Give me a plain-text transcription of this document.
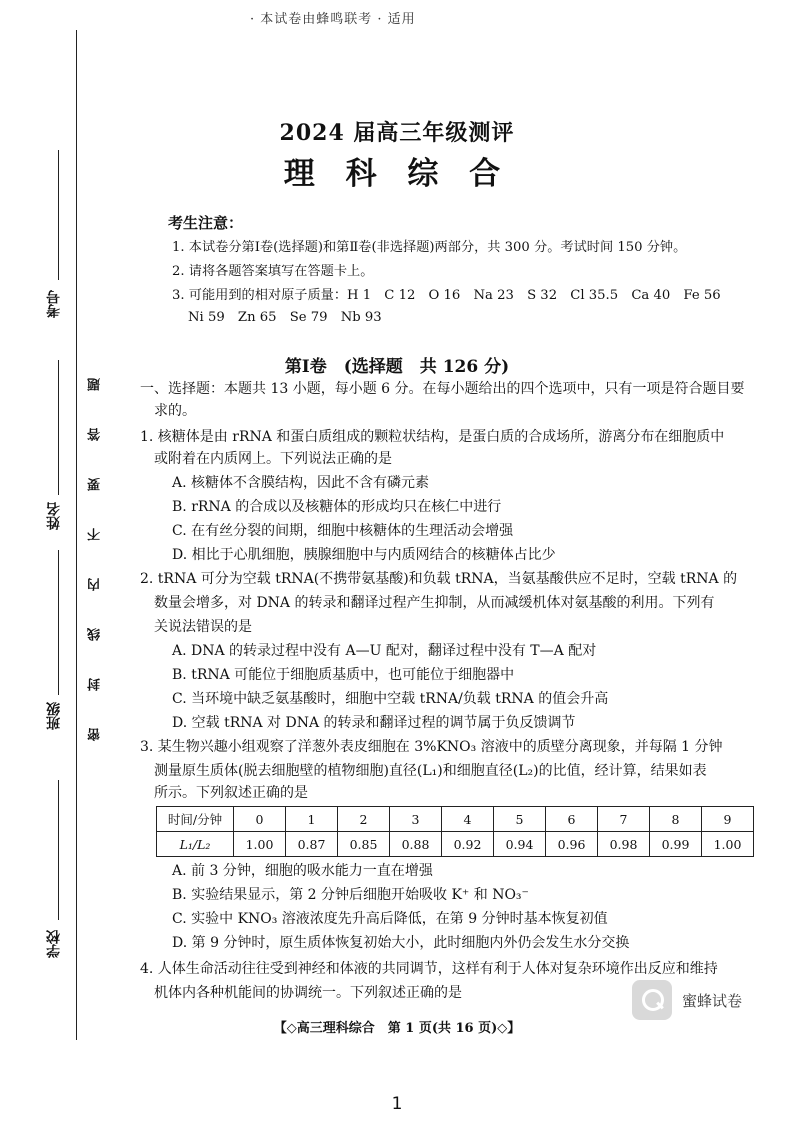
· 本试卷由蜂鸣联考 · 适用
考号
姓名
班级
学校
题
答
要
不
内
线
封
密
2024 届高三年级测评
理 科 综 合
考生注意：
1. 本试卷分第Ⅰ卷(选择题)和第Ⅱ卷(非选择题)两部分，共 300 分。考试时间 150 分钟。
2. 请将各题答案填写在答题卡上。
3. 可能用到的相对原子质量：H 1　C 12　O 16　Na 23　S 32　Cl 35.5　Ca 40　Fe 56
Ni 59　Zn 65　Se 79　Nb 93
第Ⅰ卷　(选择题　共 126 分)
一、选择题：本题共 13 小题，每小题 6 分。在每小题给出的四个选项中，只有一项是符合题目要
求的。
1. 核糖体是由 rRNA 和蛋白质组成的颗粒状结构，是蛋白质的合成场所，游离分布在细胞质中
或附着在内质网上。下列说法正确的是
A. 核糖体不含膜结构，因此不含有磷元素
B. rRNA 的合成以及核糖体的形成均只在核仁中进行
C. 在有丝分裂的间期，细胞中核糖体的生理活动会增强
D. 相比于心肌细胞，胰腺细胞中与内质网结合的核糖体占比少
2. tRNA 可分为空载 tRNA(不携带氨基酸)和负载 tRNA，当氨基酸供应不足时，空载 tRNA 的
数量会增多，对 DNA 的转录和翻译过程产生抑制，从而减缓机体对氨基酸的利用。下列有
关说法错误的是
A. DNA 的转录过程中没有 A—U 配对，翻译过程中没有 T—A 配对
B. tRNA 可能位于细胞质基质中，也可能位于细胞器中
C. 当环境中缺乏氨基酸时，细胞中空载 tRNA/负载 tRNA 的值会升高
D. 空载 tRNA 对 DNA 的转录和翻译过程的调节属于负反馈调节
3. 某生物兴趣小组观察了洋葱外表皮细胞在 3%KNO₃ 溶液中的质壁分离现象，并每隔 1 分钟
测量原生质体(脱去细胞壁的植物细胞)直径(L₁)和细胞直径(L₂)的比值，经计算，结果如表
所示。下列叙述正确的是
时间/分钟	0	1	2	3	4	5	6	7	8	9
L₁/L₂	1.00	0.87	0.85	0.88	0.92	0.94	0.96	0.98	0.99	1.00
A. 前 3 分钟，细胞的吸水能力一直在增强
B. 实验结果显示，第 2 分钟后细胞开始吸收 K⁺ 和 NO₃⁻
C. 实验中 KNO₃ 溶液浓度先升高后降低，在第 9 分钟时基本恢复初值
D. 第 9 分钟时，原生质体恢复初始大小，此时细胞内外仍会发生水分交换
4. 人体生命活动往往受到神经和体液的共同调节，这样有利于人体对复杂环境作出反应和维持
机体内各种机能间的协调统一。下列叙述正确的是	蜜蜂试卷
【◇高三理科综合　第 1 页(共 16 页)◇】
1
